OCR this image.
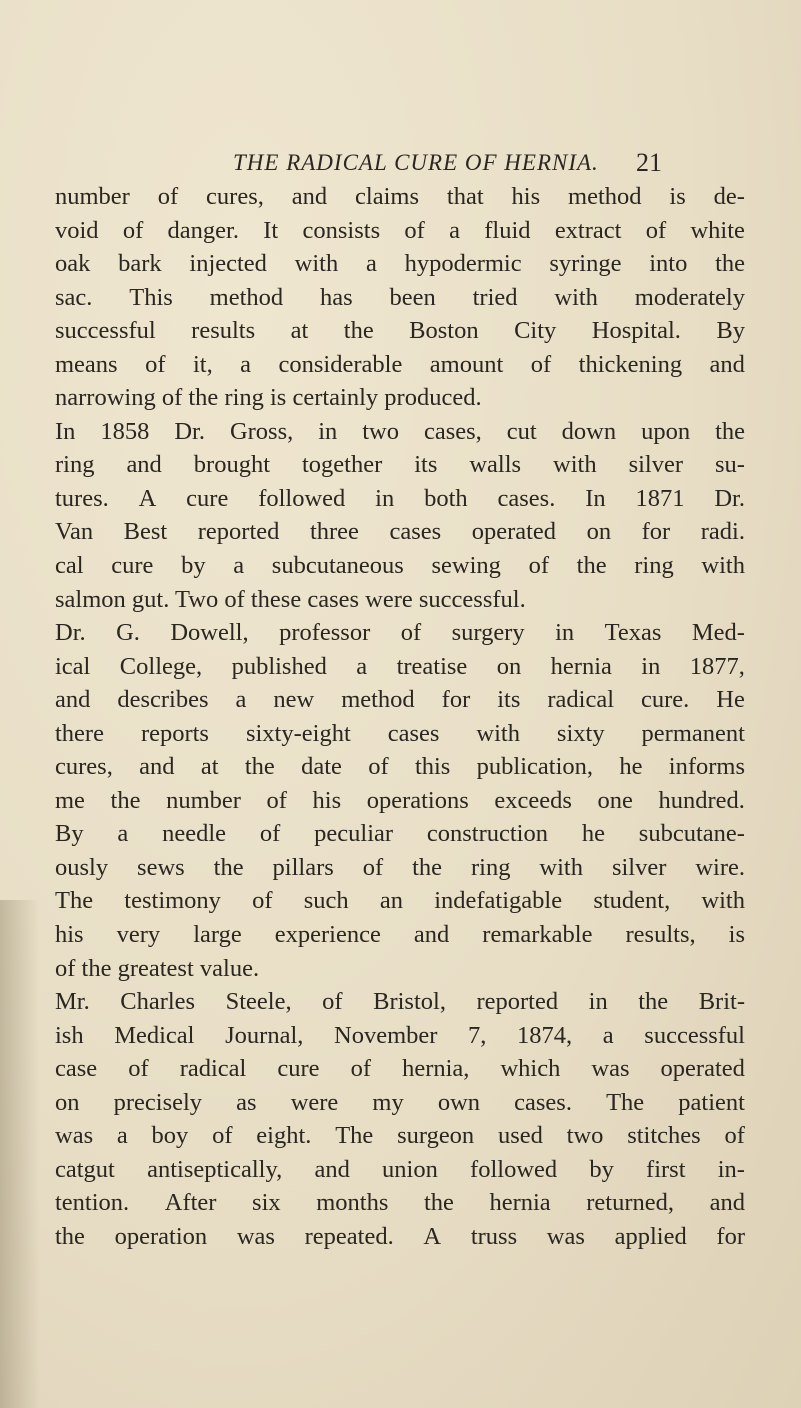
THE RADICAL CURE OF HERNIA.	21
number of cures, and claims that his method is de-
void of danger. It consists of a fluid extract of white
oak bark injected with a hypodermic syringe into the
sac. This method has been tried with moderately
successful results at the Boston City Hospital. By
means of it, a considerable amount of thickening and
narrowing of the ring is certainly produced.
In 1858 Dr. Gross, in two cases, cut down upon the
ring and brought together its walls with silver su-
tures. A cure followed in both cases. In 1871 Dr.
Van Best reported three cases operated on for radi.
cal cure by a subcutaneous sewing of the ring with
salmon gut. Two of these cases were successful.
Dr. G. Dowell, professor of surgery in Texas Med-
ical College, published a treatise on hernia in 1877,
and describes a new method for its radical cure. He
there reports sixty-eight cases with sixty permanent
cures, and at the date of this publication, he informs
me the number of his operations exceeds one hundred.
By a needle of peculiar construction he subcutane-
ously sews the pillars of the ring with silver wire.
The testimony of such an indefatigable student, with
his very large experience and remarkable results, is
of the greatest value.
Mr. Charles Steele, of Bristol, reported in the Brit-
ish Medical Journal, November 7, 1874, a successful
case of radical cure of hernia, which was operated
on precisely as were my own cases. The patient
was a boy of eight. The surgeon used two stitches of
catgut antiseptically, and union followed by first in-
tention. After six months the hernia returned, and
the operation was repeated. A truss was applied for
